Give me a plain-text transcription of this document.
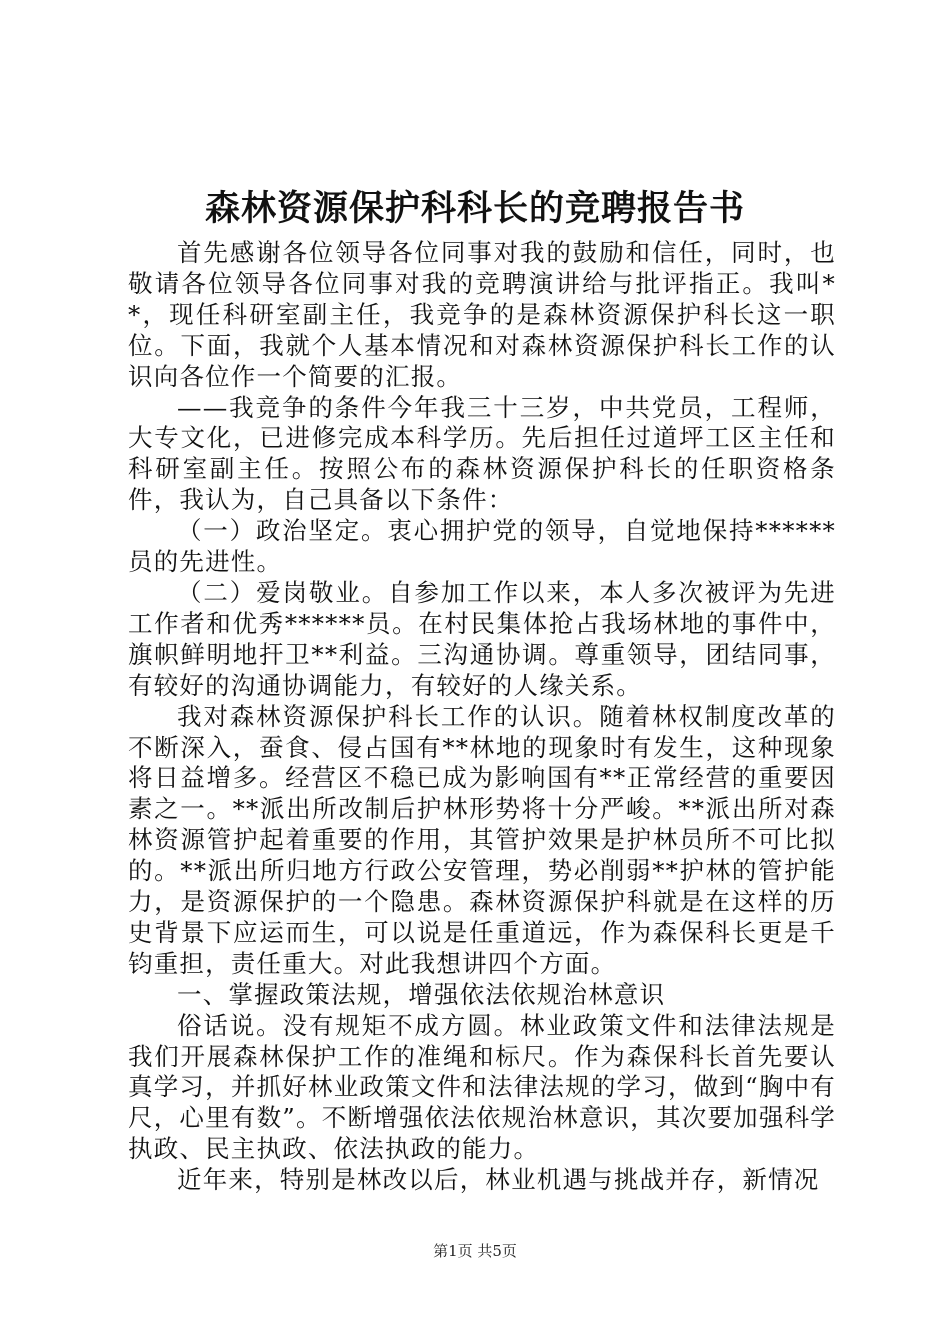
森林资源保护科科长的竞聘报告书

首先感谢各位领导各位同事对我的鼓励和信任，同时，也敬请各位领导各位同事对我的竞聘演讲给与批评指正。我叫**，现任科研室副主任，我竞争的是森林资源保护科长这一职位。下面，我就个人基本情况和对森林资源保护科长工作的认识向各位作一个简要的汇报。

——我竞争的条件今年我三十三岁，中共党员，工程师，大专文化，已进修完成本科学历。先后担任过道坪工区主任和科研室副主任。按照公布的森林资源保护科长的任职资格条件，我认为，自己具备以下条件：

（一）政治坚定。衷心拥护党的领导，自觉地保持******员的先进性。

（二）爱岗敬业。自参加工作以来，本人多次被评为先进工作者和优秀******员。在村民集体抢占我场林地的事件中，旗帜鲜明地扞卫**利益。三沟通协调。尊重领导，团结同事，有较好的沟通协调能力，有较好的人缘关系。

我对森林资源保护科长工作的认识。随着林权制度改革的不断深入，蚕食、侵占国有**林地的现象时有发生，这种现象将日益增多。经营区不稳已成为影响国有**正常经营的重要因素之一。**派出所改制后护林形势将十分严峻。**派出所对森林资源管护起着重要的作用，其管护效果是护林员所不可比拟的。**派出所归地方行政公安管理，势必削弱**护林的管护能力，是资源保护的一个隐患。森林资源保护科就是在这样的历史背景下应运而生，可以说是任重道远，作为森保科长更是千钧重担，责任重大。对此我想讲四个方面。

一、掌握政策法规，增强依法依规治林意识

俗话说。没有规矩不成方圆。林业政策文件和法律法规是我们开展森林保护工作的准绳和标尺。作为森保科长首先要认真学习，并抓好林业政策文件和法律法规的学习，做到“胸中有尺，心里有数”。不断增强依法依规治林意识，其次要加强科学执政、民主执政、依法执政的能力。

近年来，特别是林改以后，林业机遇与挑战并存，新情况

第1页 共5页
